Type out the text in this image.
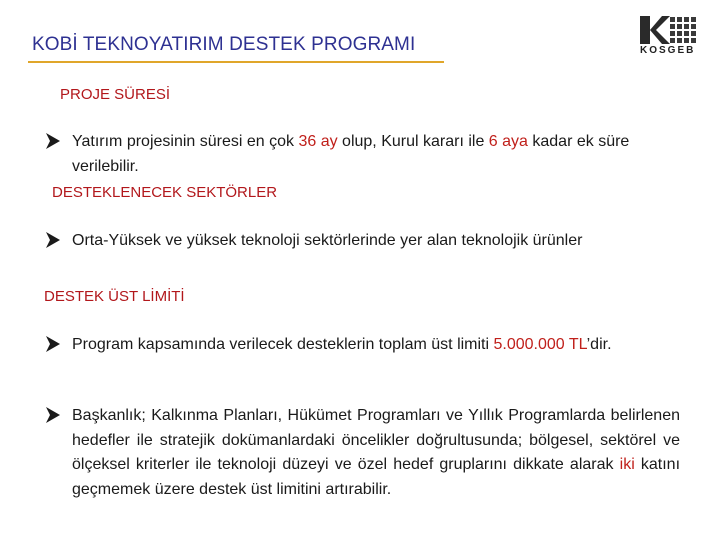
KOBİ TEKNOYATIRIM DESTEK PROGRAMI	KOSGEB
PROJE SÜRESİ
Yatırım projesinin süresi en çok 36 ay olup, Kurul kararı ile 6 aya kadar ek süre verilebilir.
DESTEKLENECEK SEKTÖRLER
Orta-Yüksek ve yüksek teknoloji sektörlerinde yer alan teknolojik ürünler
DESTEK ÜST LİMİTİ
Program kapsamında verilecek desteklerin toplam üst limiti 5.000.000 TL’dir.
Başkanlık; Kalkınma Planları, Hükümet Programları ve Yıllık Programlarda belirlenen hedefler ile stratejik dokümanlardaki öncelikler doğrultusunda; bölgesel, sektörel ve ölçeksel kriterler ile teknoloji düzeyi ve özel hedef gruplarını dikkate alarak iki katını geçmemek üzere destek üst limitini artırabilir.
